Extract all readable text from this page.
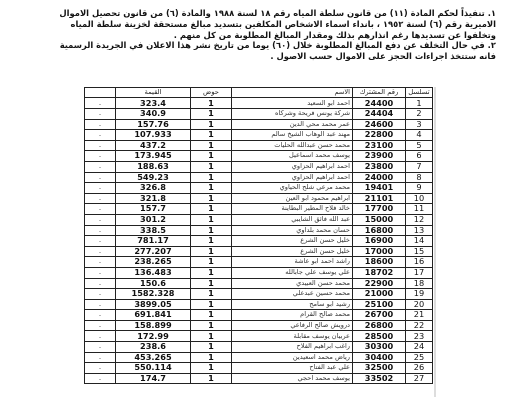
١. تنفيذاً لحكم المادة (١١) من قانون سلطة المياه رقم ١٨ لسنة ١٩٨٨ والمادة (٦) من قانون تحصيل الاموال الاميرية رقم (٦) لسنة ١٩٥٢ ، بانداء اسماء الاشخاص المكلفين بتسديد مبالغ مستحقة لخزينة سلطة المياه وتخلفوا عن تسديدها رغم انذارهم بذلك ومقدار المبالغ المطلوبة من كل منهم .

٢. في حال التخلف عن دفع المبالغ المطلوبة خلال (٦٠) يوما من تاريخ نشر هذا الاعلان في الجريدة الرسمية فانه ستتخذ اجراءات الحجز على الاموال حسب الاصول .

تسلسل	رقم المشترك	الاسم	حوض	القيمة	
1	24400	احمد ابو السعيد	1	323.4	ـ
2	24404	شركة يونس فريحة وشركاه	1	340.9	ـ
3	24600	عمر محمد محي الدين	1	157.76	ـ
4	22800	مهند عبد الوهاب الشيخ سالم	1	107.933	ـ
5	23100	محمد حسن عبدالله الحليات	1	437.2	ـ
6	23900	يوسف محمد اسماعيل	1	173.945	ـ
7	23800	احمد ابراهيم الحزاوي	1	188.63	ـ
8	24000	احمد ابراهيم الحزاوي	1	549.23	ـ
9	19401	محمد مرعي شلح الحياوي	1	326.8	ـ
10	21101	ابراهيم محمود ابو العين	1	321.8	ـ
11	17700	خالد فلاح المطير البطاينة	1	157.7	ـ
12	15000	عبد الله فائق الشايبي	1	301.2	ـ
13	16800	حسان محمد بلداوي	1	338.5	ـ
14	16900	خليل حسن الشرع	1	781.17	ـ
15	17000	خليل حسن الشرع	1	277.207	ـ
16	18600	راشد احمد ابو عاشة	1	238.265	ـ
17	18702	علي يوسف علي جابالله	1	136.483	ـ
18	22900	محمد حسن العبيدي	1	150.6	ـ
19	21000	محمد حسين عبدعلي	1	1582.328	ـ
20	25100	رشيد ابو سامح	1	3899.05	ـ
21	26700	محمد صالح القرام	1	691.841	ـ
22	26800	درويش صالح الرفاعي	1	158.899	ـ
23	28500	عربيان يوسف مقابلة	1	172.99	ـ
24	30300	راغب ابراهيم الفلاح	1	238.6	ـ
25	30400	رياض محمد اسعيدين	1	453.265	ـ
26	32500	علي عبد الفتاح	1	550.114	ـ
27	33502	يوسف محمد احجي	1	174.7	ـ
